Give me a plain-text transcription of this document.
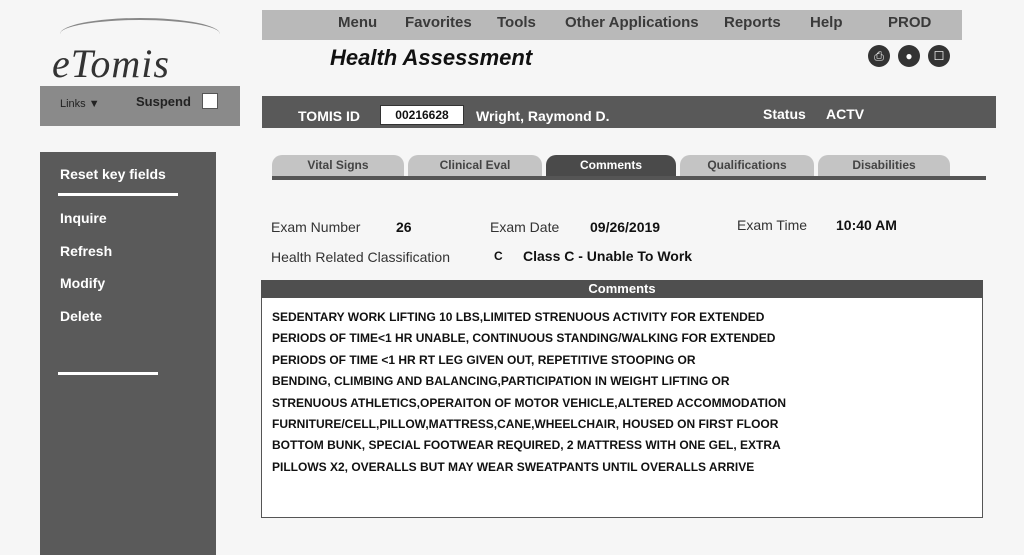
Menu Favorites Tools Other Applications Reports Help	PROD
eTomis	Health Assessment	⎙	●	☐
Links ▼	Suspend
Reset key fields
Inquire
Refresh
Modify
Delete
TOMIS ID	00216628	Wright, Raymond D.	Status ACTV
Vital Signs	Clinical Eval	Comments	Qualifications	Disabilities
Exam Number	26	Exam Date 09/26/2019	Exam Time 10:40 AM
Health Related Classification	C Class C - Unable To Work
Comments
SEDENTARY WORK LIFTING 10 LBS,LIMITED STRENUOUS ACTIVITY FOR EXTENDED
PERIODS OF TIME<1 HR UNABLE, CONTINUOUS STANDING/WALKING FOR EXTENDED
PERIODS OF TIME <1 HR RT LEG GIVEN OUT, REPETITIVE STOOPING OR
BENDING, CLIMBING AND BALANCING,PARTICIPATION IN WEIGHT LIFTING OR
STRENUOUS ATHLETICS,OPERAITON OF MOTOR VEHICLE,ALTERED ACCOMMODATION
FURNITURE/CELL,PILLOW,MATTRESS,CANE,WHEELCHAIR, HOUSED ON FIRST FLOOR
BOTTOM BUNK, SPECIAL FOOTWEAR REQUIRED, 2 MATTRESS WITH ONE GEL, EXTRA
PILLOWS X2, OVERALLS BUT MAY WEAR SWEATPANTS UNTIL OVERALLS ARRIVE
